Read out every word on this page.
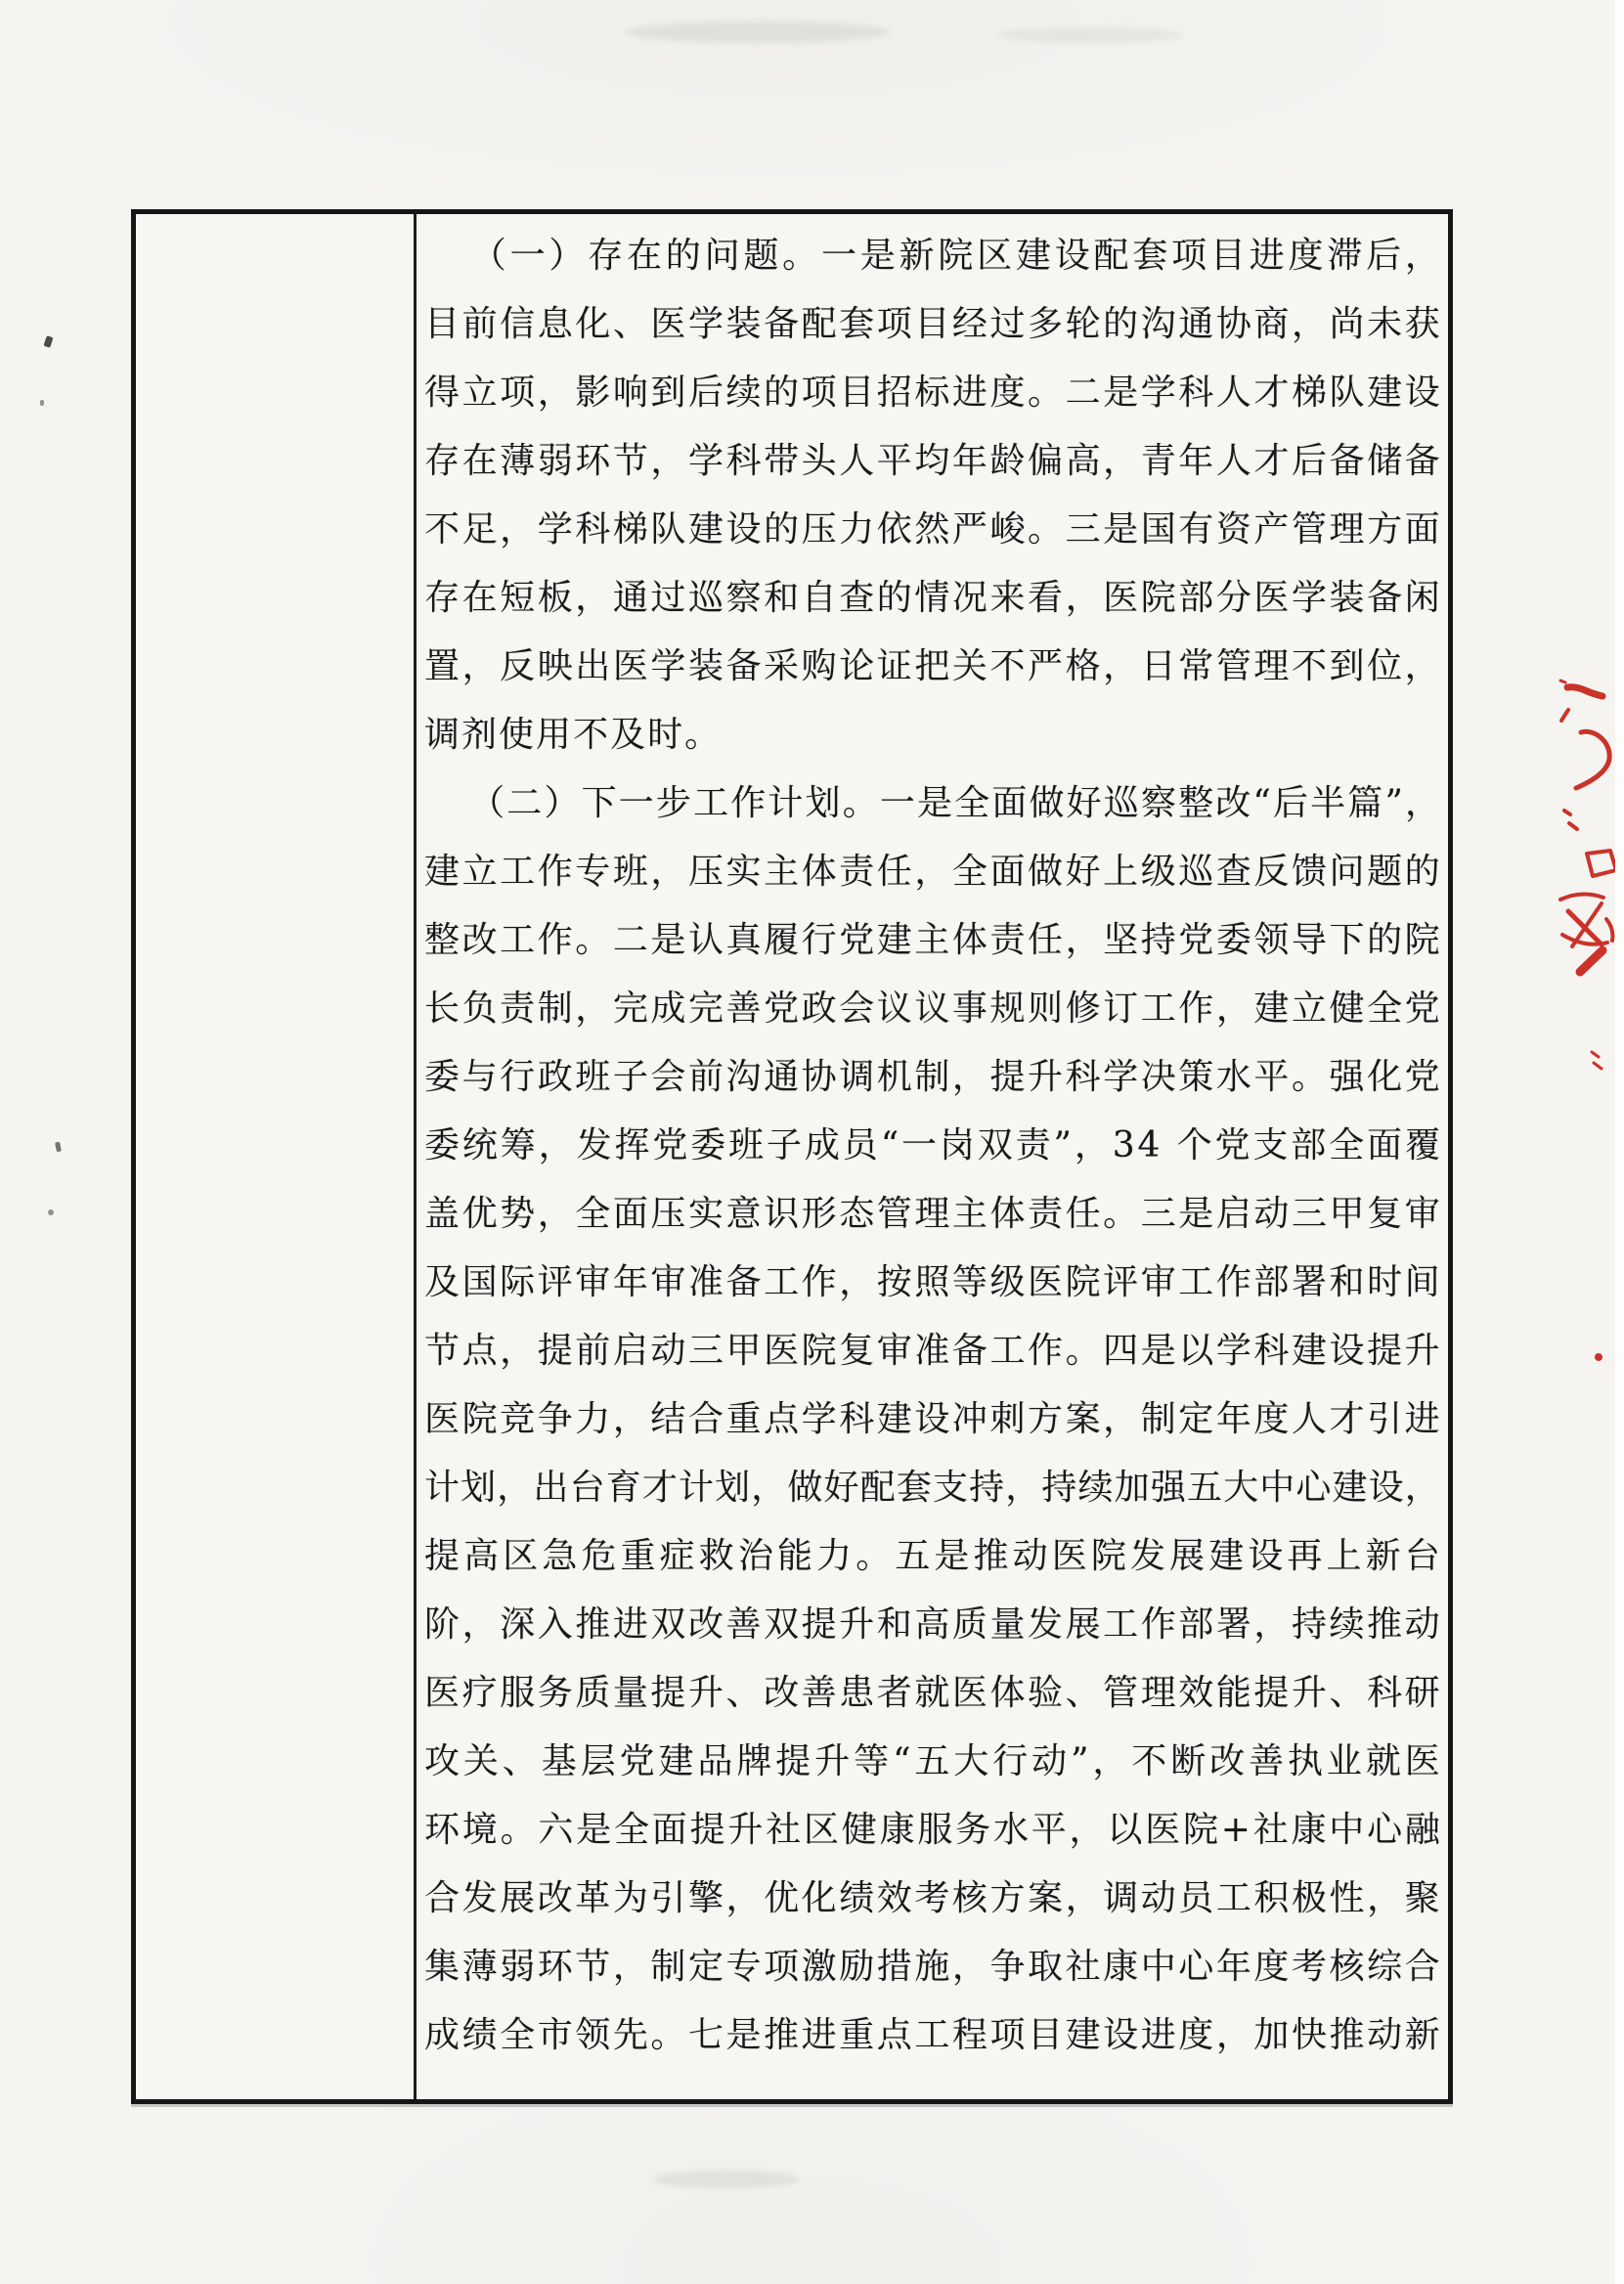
（ 一 ） 存 在 的 问 题 。 一 是 新 院 区 建 设 配 套 项 目 进 度 滞 后 ，
目 前 信 息 化 、 医 学 装 备 配 套 项 目 经 过 多 轮 的 沟 通 协 商 ， 尚 未 获
得 立 项 ， 影 响 到 后 续 的 项 目 招 标 进 度 。 二 是 学 科 人 才 梯 队 建 设
存 在 薄 弱 环 节 ， 学 科 带 头 人 平 均 年 龄 偏 高 ， 青 年 人 才 后 备 储 备
不 足 ， 学 科 梯 队 建 设 的 压 力 依 然 严 峻 。 三 是 国 有 资 产 管 理 方 面
存 在 短 板 ， 通 过 巡 察 和 自 查 的 情 况 来 看 ， 医 院 部 分 医 学 装 备 闲
置 ， 反 映 出 医 学 装 备 采 购 论 证 把 关 不 严 格 ， 日 常 管 理 不 到 位 ，
调 剂 使 用 不 及 时 。
（ 二 ） 下 一 步 工 作 计 划 。 一 是 全 面 做 好 巡 察 整 改 “ 后 半 篇 ” ，
建 立 工 作 专 班 ， 压 实 主 体 责 任 ， 全 面 做 好 上 级 巡 查 反 馈 问 题 的
整 改 工 作 。 二 是 认 真 履 行 党 建 主 体 责 任 ， 坚 持 党 委 领 导 下 的 院
长 负 责 制 ， 完 成 完 善 党 政 会 议 议 事 规 则 修 订 工 作 ， 建 立 健 全 党
委 与 行 政 班 子 会 前 沟 通 协 调 机 制 ， 提 升 科 学 决 策 水 平 。 强 化 党
委 统 筹 ， 发 挥 党 委 班 子 成 员 “ 一 岗 双 责 ” ， 3 4
个 党 支 部 全 面 覆
盖 优 势 ， 全 面 压 实 意 识 形 态 管 理 主 体 责 任 。 三 是 启 动 三 甲 复 审
及 国 际 评 审 年 审 准 备 工 作 ， 按 照 等 级 医 院 评 审 工 作 部 署 和 时 间
节 点 ， 提 前 启 动 三 甲 医 院 复 审 准 备 工 作 。 四 是 以 学 科 建 设 提 升
医 院 竞 争 力 ， 结 合 重 点 学 科 建 设 冲 刺 方 案 ， 制 定 年 度 人 才 引 进
计 划 ， 出 台 育 才 计 划 ， 做 好 配 套 支 持 ， 持 续 加 强 五 大 中 心 建 设 ，
提 高 区 急 危 重 症 救 治 能 力 。 五 是 推 动 医 院 发 展 建 设 再 上 新 台
阶 ， 深 入 推 进 双 改 善 双 提 升 和 高 质 量 发 展 工 作 部 署 ， 持 续 推 动
医 疗 服 务 质 量 提 升 、 改 善 患 者 就 医 体 验 、 管 理 效 能 提 升 、 科 研
攻 关 、 基 层 党 建 品 牌 提 升 等 “ 五 大 行 动 ” ， 不 断 改 善 执 业 就 医
环 境 。 六 是 全 面 提 升 社 区 健 康 服 务 水 平 ， 以 医 院 + 社 康 中 心 融
合 发 展 改 革 为 引 擎 ， 优 化 绩 效 考 核 方 案 ， 调 动 员 工 积 极 性 ， 聚
集 薄 弱 环 节 ， 制 定 专 项 激 励 措 施 ， 争 取 社 康 中 心 年 度 考 核 综 合
成 绩 全 市 领 先 。 七 是 推 进 重 点 工 程 项 目 建 设 进 度 ， 加 快 推 动 新
